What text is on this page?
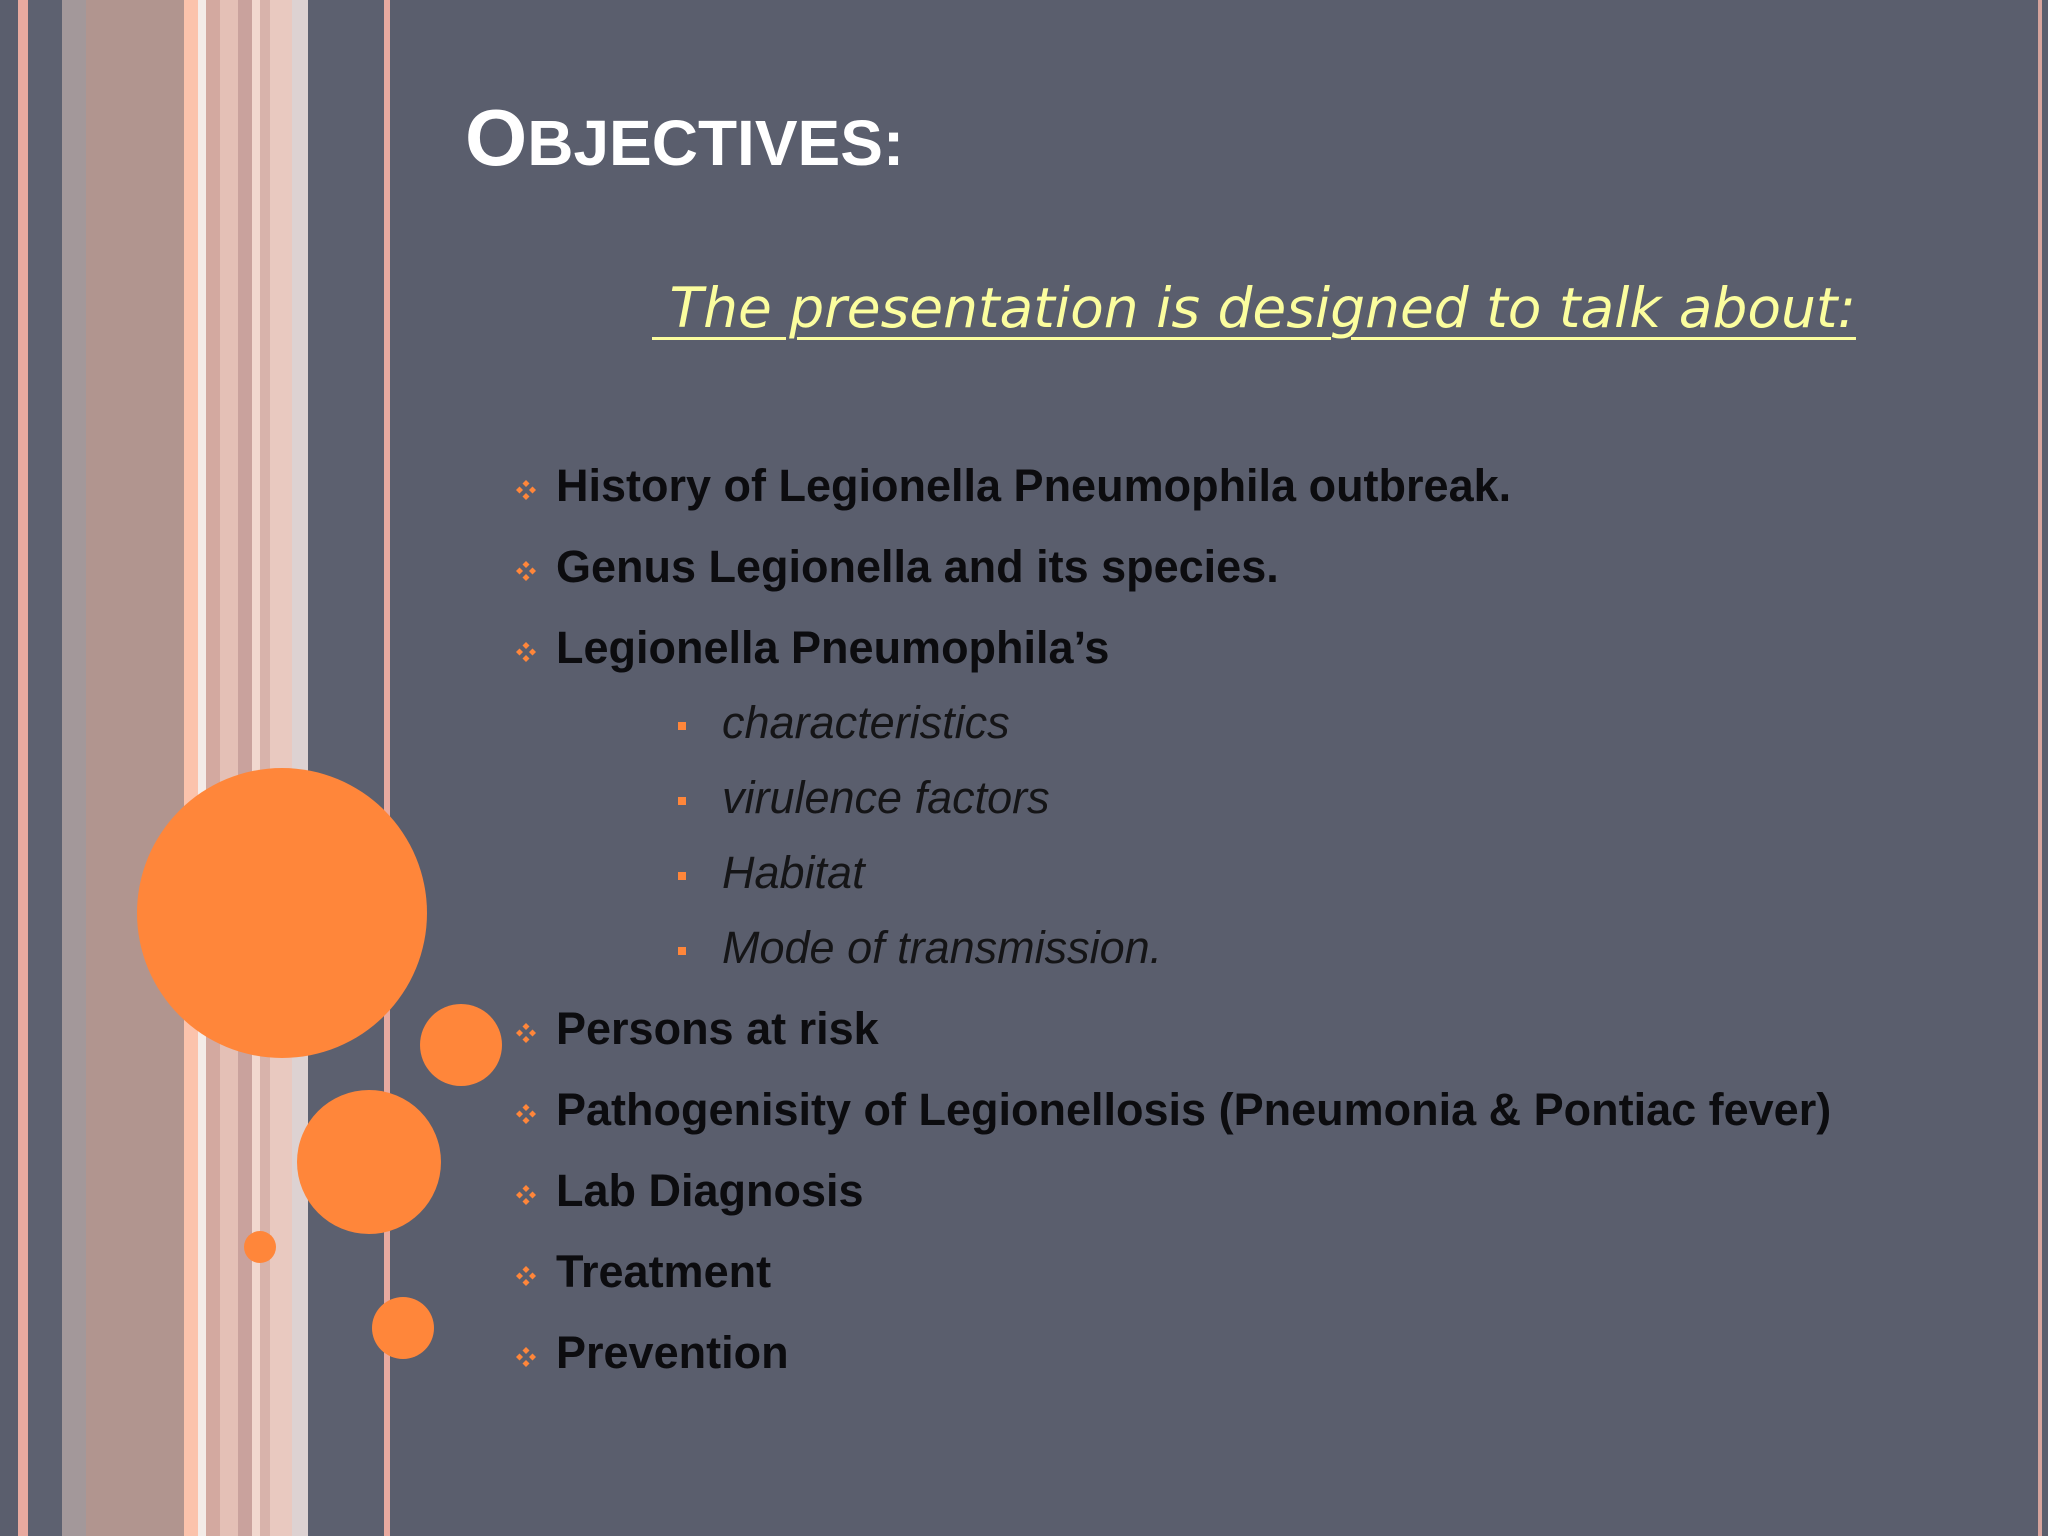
OBJECTIVES:
The presentation is designed to talk about:
History of Legionella Pneumophila outbreak.
Genus Legionella and its species.
Legionella Pneumophila’s
characteristics
virulence factors
Habitat
Mode of transmission.
Persons at risk
Pathogenisity of Legionellosis (Pneumonia & Pontiac fever)
Lab Diagnosis
Treatment
Prevention
